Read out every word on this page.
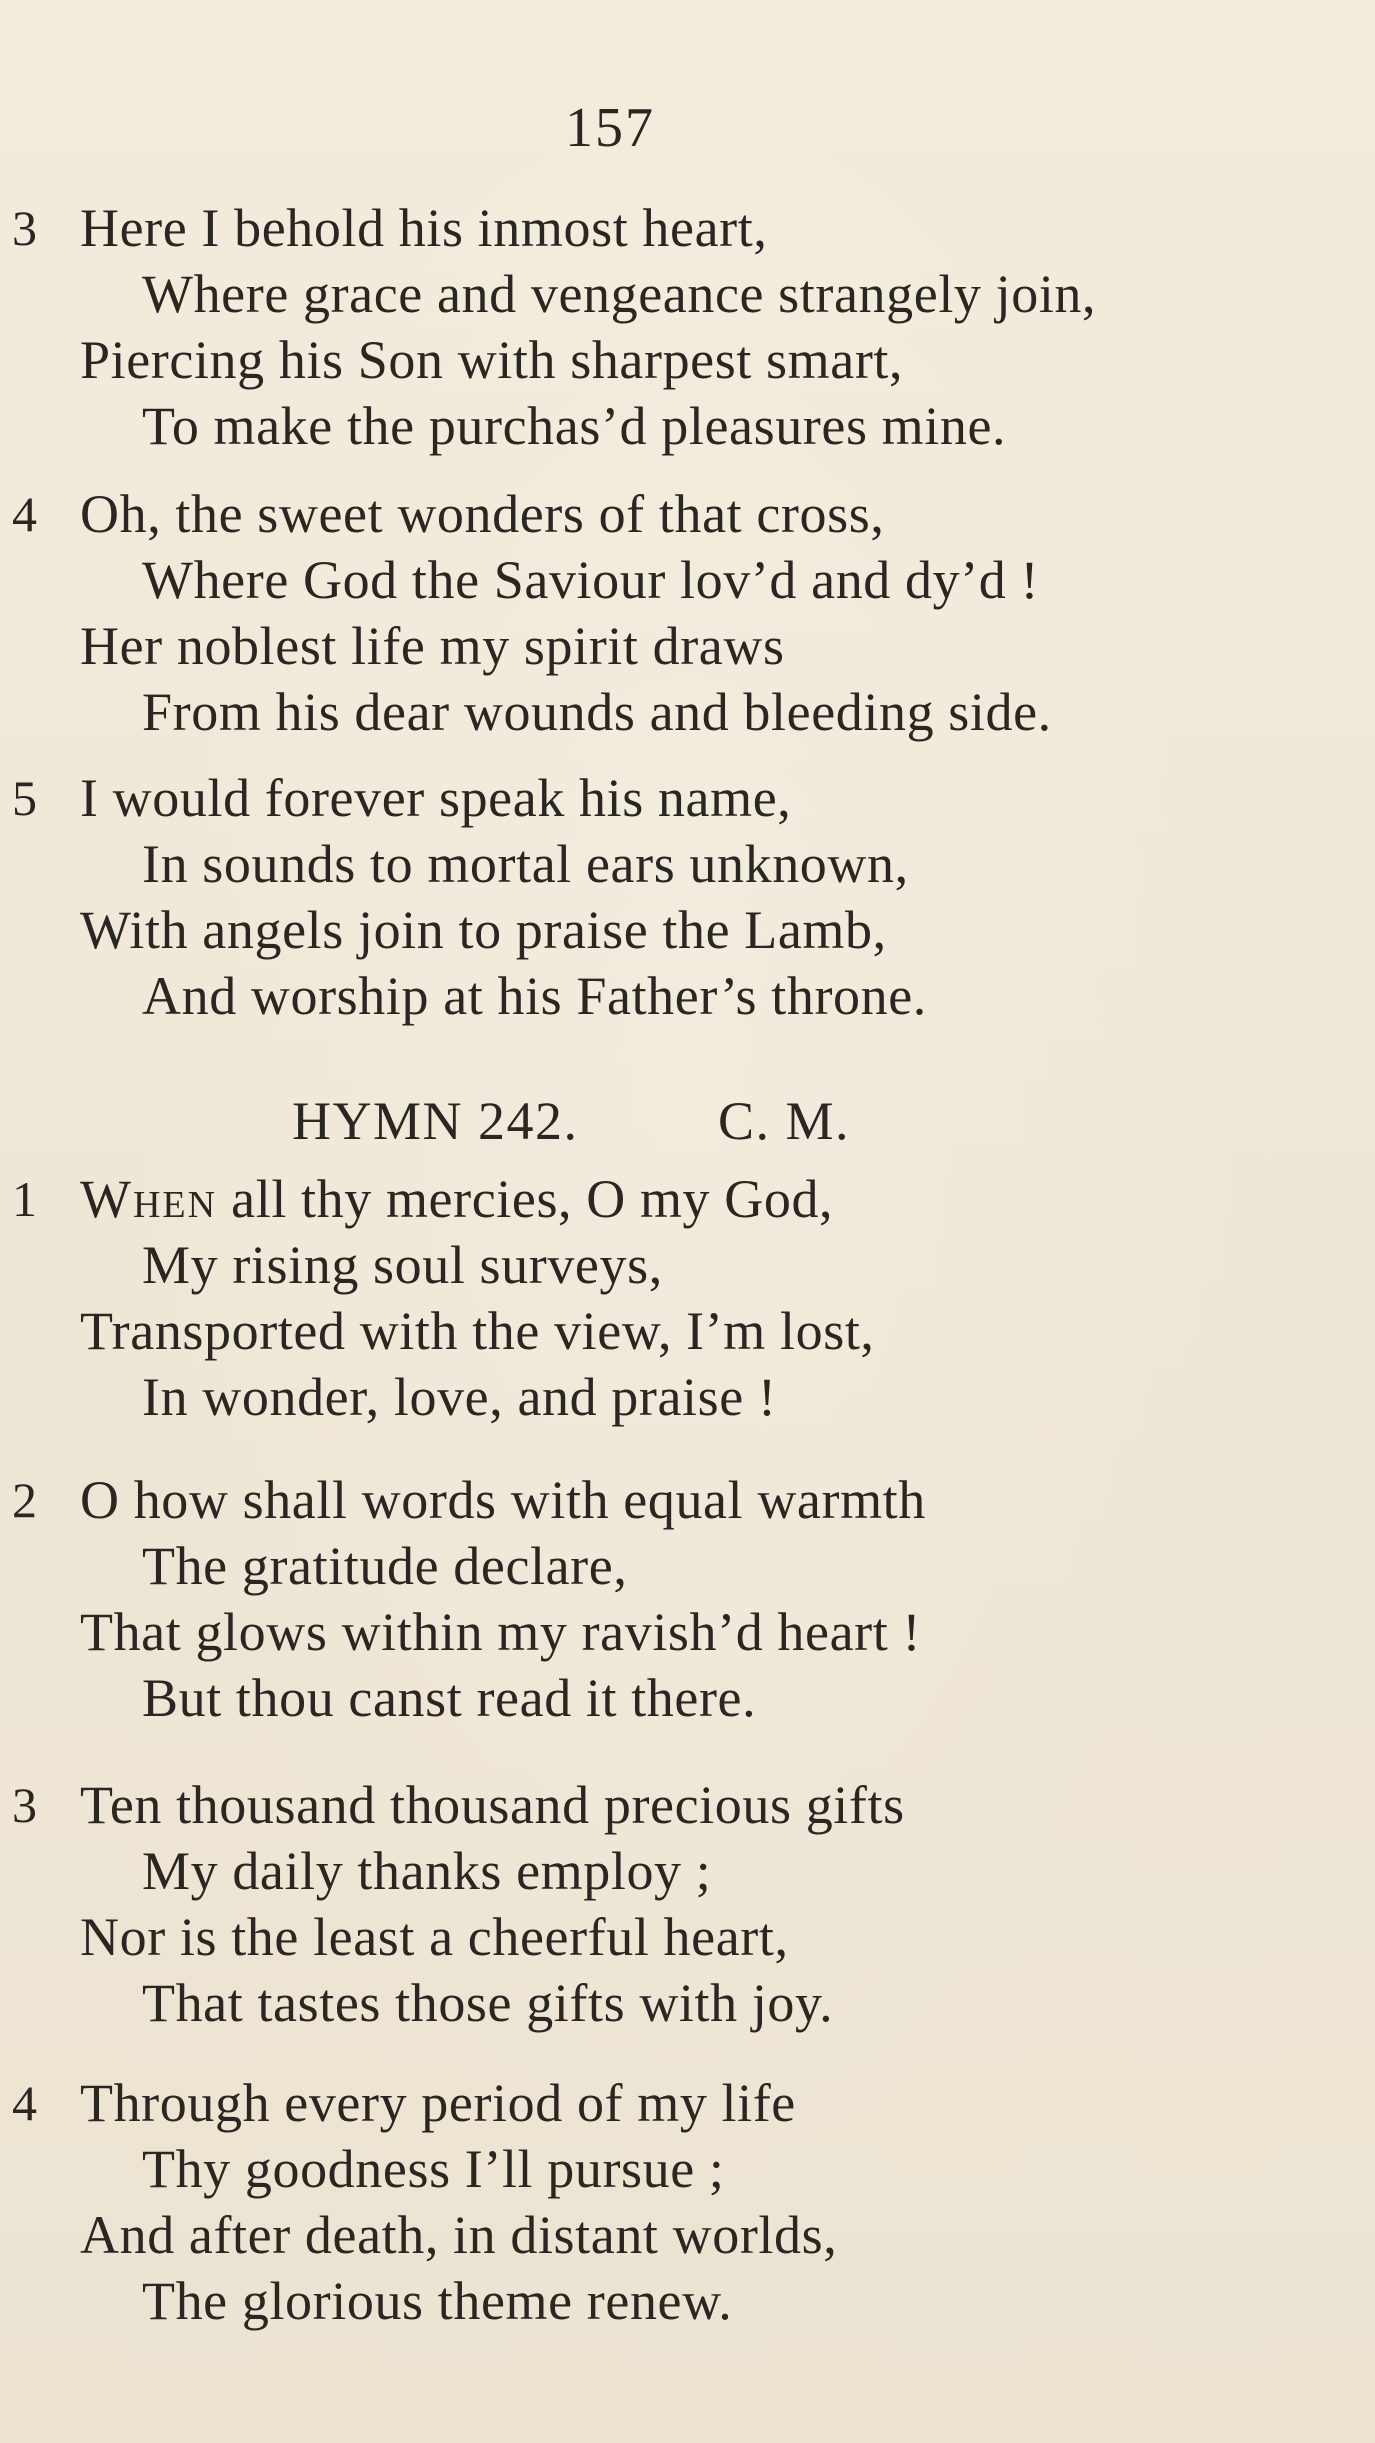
157
3 Here I behold his inmost heart,
Where grace and vengeance strangely join,
Piercing his Son with sharpest smart,
To make the purchas’d pleasures mine.
4 Oh, the sweet wonders of that cross,
Where God the Saviour lov’d and dy’d !
Her noblest life my spirit draws
From his dear wounds and bleeding side.
5 I would forever speak his name,
In sounds to mortal ears unknown,
With angels join to praise the Lamb,
And worship at his Father’s throne.
HYMN 242.	C. M.
1 When all thy mercies, O my God,
My rising soul surveys,
Transported with the view, I’m lost,
In wonder, love, and praise !
2 O how shall words with equal warmth
The gratitude declare,
That glows within my ravish’d heart !
But thou canst read it there.
3 Ten thousand thousand precious gifts
My daily thanks employ ;
Nor is the least a cheerful heart,
That tastes those gifts with joy.
4 Through every period of my life
Thy goodness I’ll pursue ;
And after death, in distant worlds,
The glorious theme renew.
